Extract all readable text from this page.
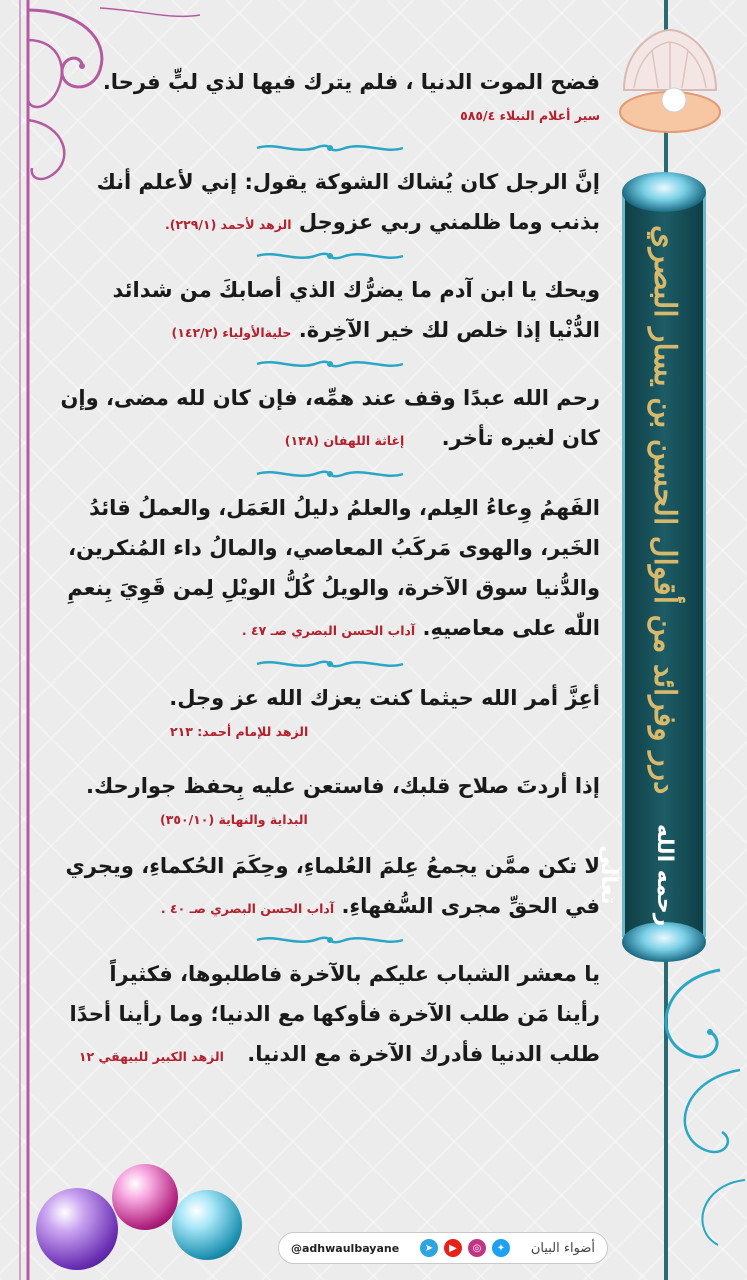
درر وفرائد من أقوال الحسن بن يسار البصري
رحمه الله تعالى
فضح الموت الدنيا ، فلم يترك فيها لذي لبٍّ فرحا.
سير أعلام النبلاء ٥٨٥/٤
إنَّ الرجل كان يُشاك الشوكة يقول: إني لأعلم أنك بذنب وما ظلمني ربي عزوجل الزهد لأحمد (٢٢٩/١).
ويحك يا ابن آدم ما يضرُّك الذي أصابكَ من شدائد الدُّنْيا إذا خلص لك خير الآخِرة. حليةالأولياء (١٤٢/٢)
رحم الله عبدًا وقف عند همِّه، فإن كان لله مضى، وإن كان لغيره تأخر. إغاثة اللهفان (١٣٨)
الفَهمُ وِعاءُ العِلم، والعلمُ دليلُ العَمَل، والعملُ قائدُ الخَير، والهوى مَركَبُ المعاصي، والمالُ داء المُنكرين، والدُّنيا سوق الآخرة، والويلُ كُلُّ الويْلِ لِمن قَوِيَ بِنعمِ اللّٰه على معاصيهِ. آداب الحسن البصري صـ ٤٧ .
أعِزَّ أمر الله حيثما كنت يعزك الله عز وجل.
الزهد للإمام أحمد: ٢١٣
إذا أردتَ صلاح قلبك، فاستعن عليه بِحفظ جوارحك.
البداية والنهاية (٣٥٠/١٠)
لا تكن ممَّن يجمعُ عِلمَ العُلماءِ، وحِكَمَ الحُكماءِ، ويجري في الحقِّ مجرى السُّفهاءِ. آداب الحسن البصري صـ ٤٠ .
يا معشر الشباب عليكم بالآخرة فاطلبوها، فكثيراً رأينا مَن طلب الآخرة فأوكها مع الدنيا؛ وما رأينا أحدًا طلب الدنيا فأدرك الآخرة مع الدنيا. الزهد الكبير للبيهقي ١٢
@adhwaulbayane	➤	▶	◎	✦	أضواء البيان
